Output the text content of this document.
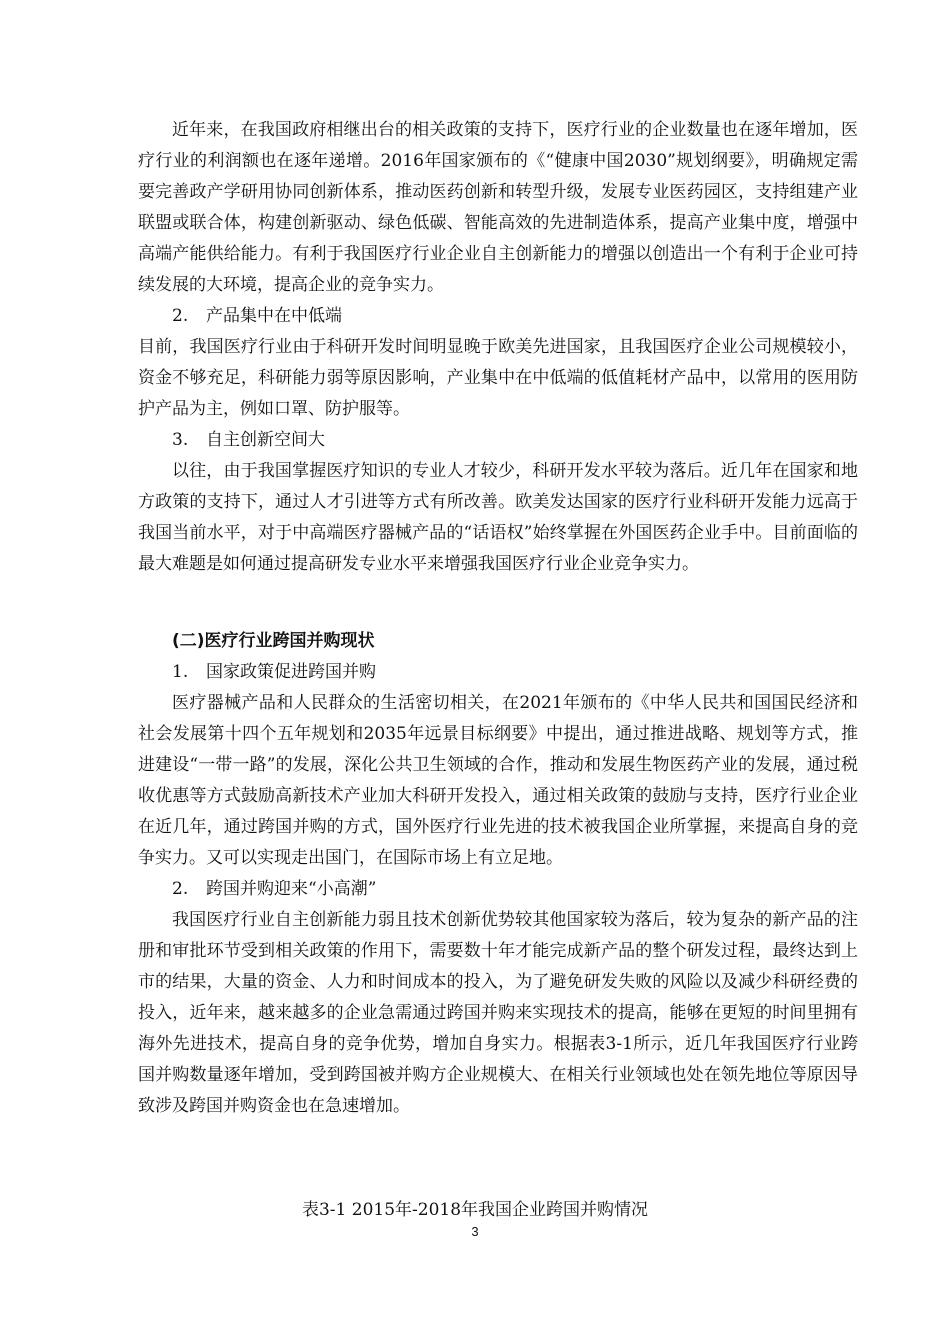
近年来，在我国政府相继出台的相关政策的支持下，医疗行业的企业数量也在逐年增加，医疗行业的利润额也在逐年递增。2016年国家颁布的《“健康中国2030”规划纲要》，明确规定需要完善政产学研用协同创新体系，推动医药创新和转型升级，发展专业医药园区，支持组建产业联盟或联合体，构建创新驱动、绿色低碳、智能高效的先进制造体系，提高产业集中度，增强中高端产能供给能力。有利于我国医疗行业企业自主创新能力的增强以创造出一个有利于企业可持续发展的大环境，提高企业的竞争实力。

2. 产品集中在中低端

目前，我国医疗行业由于科研开发时间明显晚于欧美先进国家，且我国医疗企业公司规模较小，资金不够充足，科研能力弱等原因影响，产业集中在中低端的低值耗材产品中，以常用的医用防护产品为主，例如口罩、防护服等。

3. 自主创新空间大

以往，由于我国掌握医疗知识的专业人才较少，科研开发水平较为落后。近几年在国家和地方政策的支持下，通过人才引进等方式有所改善。欧美发达国家的医疗行业科研开发能力远高于我国当前水平，对于中高端医疗器械产品的“话语权”始终掌握在外国医药企业手中。目前面临的最大难题是如何通过提高研发专业水平来增强我国医疗行业企业竞争实力。

(二)医疗行业跨国并购现状

1. 国家政策促进跨国并购

医疗器械产品和人民群众的生活密切相关，在2021年颁布的《中华人民共和国国民经济和社会发展第十四个五年规划和2035年远景目标纲要》中提出，通过推进战略、规划等方式，推进建设“一带一路”的发展，深化公共卫生领域的合作，推动和发展生物医药产业的发展，通过税收优惠等方式鼓励高新技术产业加大科研开发投入，通过相关政策的鼓励与支持，医疗行业企业在近几年，通过跨国并购的方式，国外医疗行业先进的技术被我国企业所掌握，来提高自身的竞争实力。又可以实现走出国门，在国际市场上有立足地。

2. 跨国并购迎来“小高潮”

我国医疗行业自主创新能力弱且技术创新优势较其他国家较为落后，较为复杂的新产品的注册和审批环节受到相关政策的作用下，需要数十年才能完成新产品的整个研发过程，最终达到上市的结果，大量的资金、人力和时间成本的投入，为了避免研发失败的风险以及减少科研经费的投入，近年来，越来越多的企业急需通过跨国并购来实现技术的提高，能够在更短的时间里拥有海外先进技术，提高自身的竞争优势，增加自身实力。根据表3-1所示，近几年我国医疗行业跨国并购数量逐年增加，受到跨国被并购方企业规模大、在相关行业领域也处在领先地位等原因导致涉及跨国并购资金也在急速增加。

表3-1 2015年-2018年我国企业跨国并购情况
3
